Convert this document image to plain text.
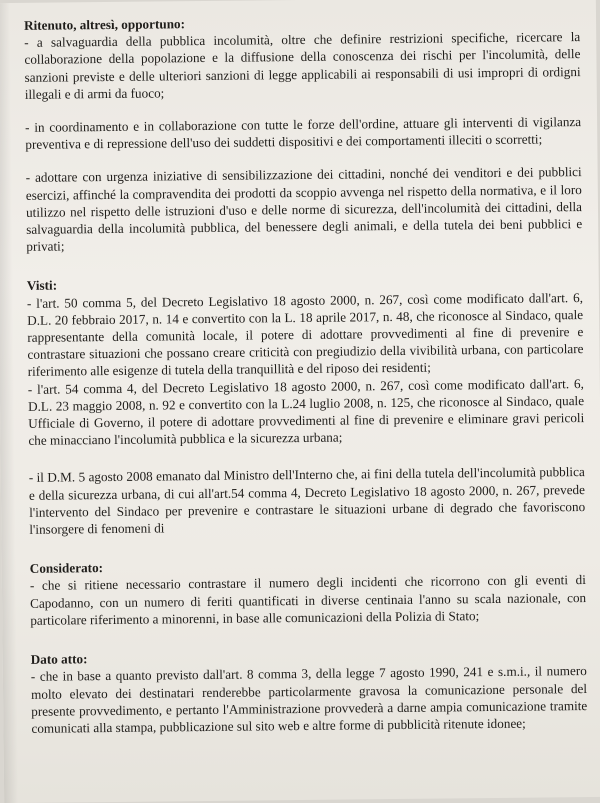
Ritenuto, altresì, opportuno:

- a salvaguardia della pubblica incolumità, oltre che definire restrizioni specifiche, ricercare la collaborazione della popolazione e la diffusione della conoscenza dei rischi per l'incolumità, delle sanzioni previste e delle ulteriori sanzioni di legge applicabili ai responsabili di usi impropri di ordigni illegali e di armi da fuoco;

- in coordinamento e in collaborazione con tutte le forze dell'ordine, attuare gli interventi di vigilanza preventiva e di repressione dell'uso dei suddetti dispositivi e dei comportamenti illeciti o scorretti;

- adottare con urgenza iniziative di sensibilizzazione dei cittadini, nonché dei venditori e dei pubblici esercizi, affinché la compravendita dei prodotti da scoppio avvenga nel rispetto della normativa, e il loro utilizzo nel rispetto delle istruzioni d'uso e delle norme di sicurezza, dell'incolumità dei cittadini, della salvaguardia della incolumità pubblica, del benessere degli animali, e della tutela dei beni pubblici e privati;

Visti:

- l'art. 50 comma 5, del Decreto Legislativo 18 agosto 2000, n. 267, così come modificato dall'art. 6, D.L. 20 febbraio 2017, n. 14 e convertito con la L. 18 aprile 2017, n. 48, che riconosce al Sindaco, quale rappresentante della comunità locale, il potere di adottare provvedimenti al fine di prevenire e contrastare situazioni che possano creare criticità con pregiudizio della vivibilità urbana, con particolare riferimento alle esigenze di tutela della tranquillità e del riposo dei residenti;

- l'art. 54 comma 4, del Decreto Legislativo 18 agosto 2000, n. 267, così come modificato dall'art. 6, D.L. 23 maggio 2008, n. 92 e convertito con la L.24 luglio 2008, n. 125, che riconosce al Sindaco, quale Ufficiale di Governo, il potere di adottare provvedimenti al fine di prevenire e eliminare gravi pericoli che minacciano l'incolumità pubblica e la sicurezza urbana;

- il D.M. 5 agosto 2008 emanato dal Ministro dell'Interno che, ai fini della tutela dell'incolumità pubblica e della sicurezza urbana, di cui all'art.54 comma 4, Decreto Legislativo 18 agosto 2000, n. 267, prevede l'intervento del Sindaco per prevenire e contrastare le situazioni urbane di degrado che favoriscono l'insorgere di fenomeni di

Considerato:

- che si ritiene necessario contrastare il numero degli incidenti che ricorrono con gli eventi di Capodanno, con un numero di feriti quantificati in diverse centinaia l'anno su scala nazionale, con particolare riferimento a minorenni, in base alle comunicazioni della Polizia di Stato;

Dato atto:

- che in base a quanto previsto dall'art. 8 comma 3, della legge 7 agosto 1990, 241 e s.m.i., il numero molto elevato dei destinatari renderebbe particolarmente gravosa la comunicazione personale del presente provvedimento, e pertanto l'Amministrazione provvederà a darne ampia comunicazione tramite comunicati alla stampa, pubblicazione sul sito web e altre forme di pubblicità ritenute idonee;
